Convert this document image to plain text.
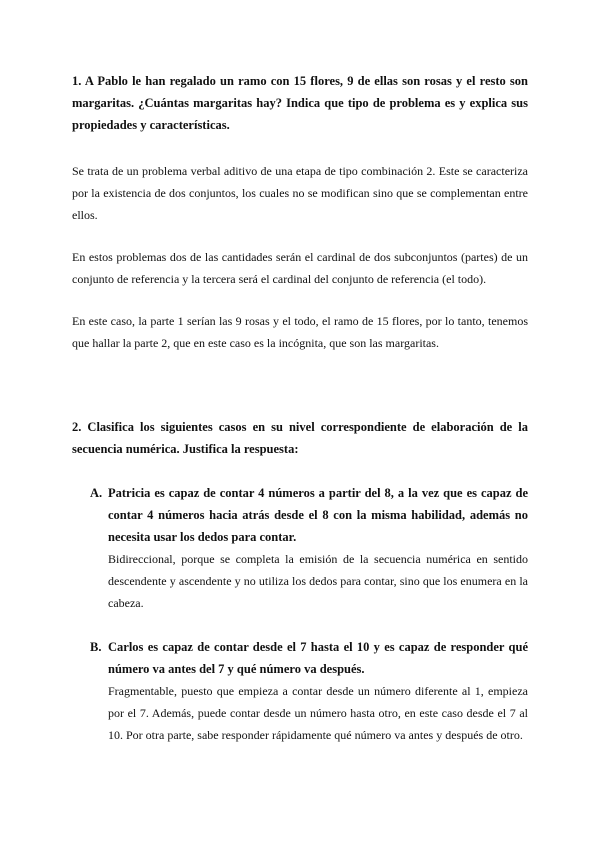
1. A Pablo le han regalado un ramo con 15 flores, 9 de ellas son rosas y el resto son margaritas. ¿Cuántas margaritas hay? Indica que tipo de problema es y explica sus propiedades y características.

Se trata de un problema verbal aditivo de una etapa de tipo combinación 2. Este se caracteriza por la existencia de dos conjuntos, los cuales no se modifican sino que se complementan entre ellos.

En estos problemas dos de las cantidades serán el cardinal de dos subconjuntos (partes) de un conjunto de referencia y la tercera será el cardinal del conjunto de referencia (el todo).

En este caso, la parte 1 serían las 9 rosas y el todo, el ramo de 15 flores, por lo tanto, tenemos que hallar la parte 2, que en este caso es la incógnita, que son las margaritas.

2. Clasifica los siguientes casos en su nivel correspondiente de elaboración de la secuencia numérica. Justifica la respuesta:

A. Patricia es capaz de contar 4 números a partir del 8, a la vez que es capaz de contar 4 números hacia atrás desde el 8 con la misma habilidad, además no necesita usar los dedos para contar.

Bidireccional, porque se completa la emisión de la secuencia numérica en sentido descendente y ascendente y no utiliza los dedos para contar, sino que los enumera en la cabeza.

B. Carlos es capaz de contar desde el 7 hasta el 10 y es capaz de responder qué número va antes del 7 y qué número va después.

Fragmentable, puesto que empieza a contar desde un número diferente al 1, empieza por el 7. Además, puede contar desde un número hasta otro, en este caso desde el 7 al 10. Por otra parte, sabe responder rápidamente qué número va antes y después de otro.
